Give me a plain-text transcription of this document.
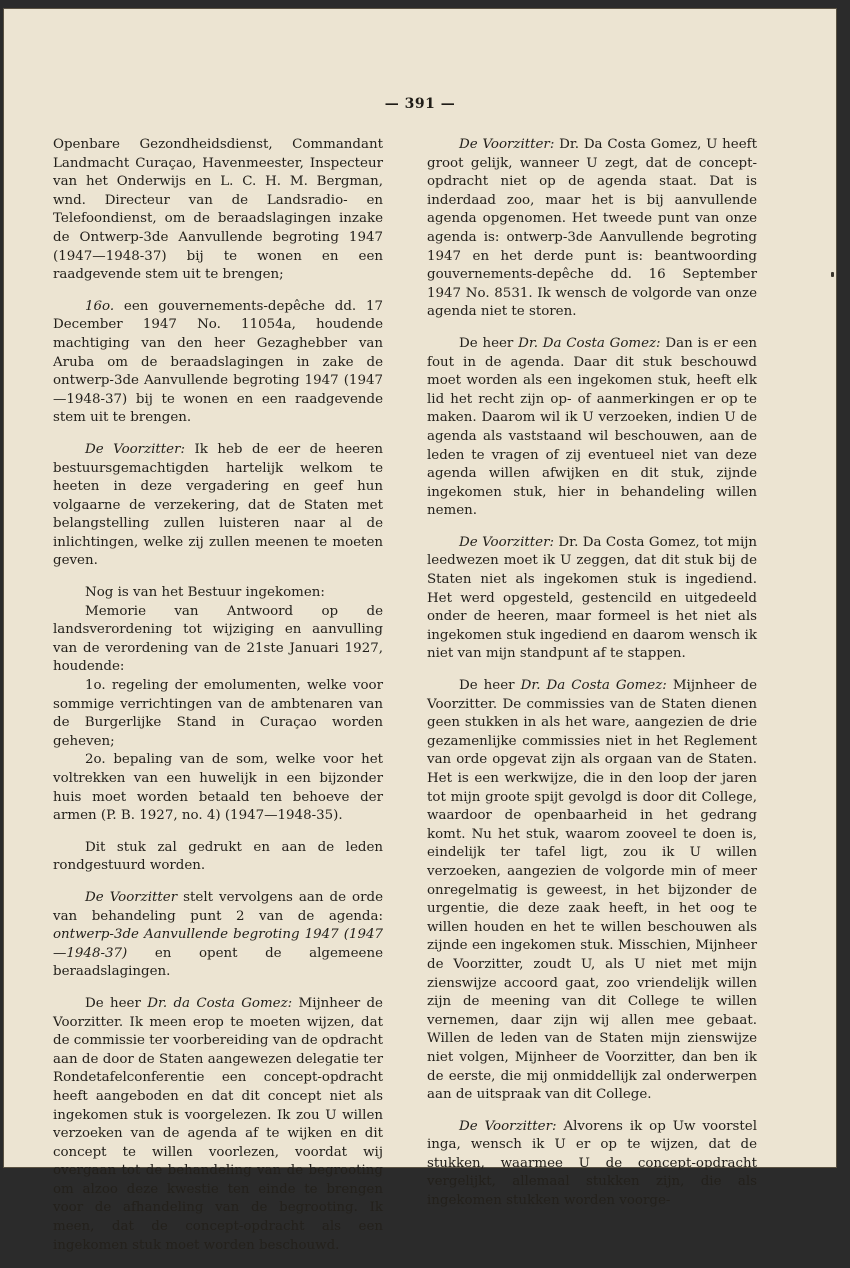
— 391 —

Openbare Gezondheidsdienst, Commandant Landmacht Curaçao, Havenmeester, Inspecteur van het Onderwijs en L. C. H. M. Bergman, wnd. Directeur van de Landsradio- en Telefoondienst, om de beraadslagingen inzake de Ontwerp-3de Aanvullende begroting 1947 (1947—1948-37) bij te wonen en een raadgevende stem uit te brengen;

16o. een gouvernements-depêche dd. 17 December 1947 No. 11054a, houdende machtiging van den heer Gezaghebber van Aruba om de beraadslagingen in zake de ontwerp-3de Aanvullende begroting 1947 (1947—1948-37) bij te wonen en een raadgevende stem uit te brengen.

De Voorzitter: Ik heb de eer de heeren bestuursgemachtigden hartelijk welkom te heeten in deze vergadering en geef hun volgaarne de verzekering, dat de Staten met belangstelling zullen luisteren naar al de inlichtingen, welke zij zullen meenen te moeten geven.

Nog is van het Bestuur ingekomen:

Memorie van Antwoord op de landsverordening tot wijziging en aanvulling van de verordening van de 21ste Januari 1927, houdende:

1o. regeling der emolumenten, welke voor sommige verrichtingen van de ambtenaren van de Burgerlijke Stand in Curaçao worden geheven;

2o. bepaling van de som, welke voor het voltrekken van een huwelijk in een bijzonder huis moet worden betaald ten behoeve der armen (P. B. 1927, no. 4) (1947—1948-35).

Dit stuk zal gedrukt en aan de leden rondgestuurd worden.

De Voorzitter stelt vervolgens aan de orde van behandeling punt 2 van de agenda: ontwerp-3de Aanvullende begroting 1947 (1947—1948-37) en opent de algemeene beraadslagingen.

De heer Dr. da Costa Gomez: Mijnheer de Voorzitter. Ik meen erop te moeten wijzen, dat de commissie ter voorbereiding van de opdracht aan de door de Staten aangewezen delegatie ter Rondetafelconferentie een concept-opdracht heeft aangeboden en dat dit concept niet als ingekomen stuk is voorgelezen. Ik zou U willen verzoeken van de agenda af te wijken en dit concept te willen voorlezen, voordat wij overgaan tot de behandeling van de begrooting om alzoo deze kwestie ten einde te brengen voor de afhandeling van de begrooting. Ik meen, dat de concept-opdracht als een ingekomen stuk moet worden beschouwd.

De Voorzitter: Dr. Da Costa Gomez, U heeft groot gelijk, wanneer U zegt, dat de concept-opdracht niet op de agenda staat. Dat is inderdaad zoo, maar het is bij aanvullende agenda opgenomen. Het tweede punt van onze agenda is: ontwerp-3de Aanvullende begroting 1947 en het derde punt is: beantwoording gouvernements-depêche dd. 16 September 1947 No. 8531. Ik wensch de volgorde van onze agenda niet te storen.

De heer Dr. Da Costa Gomez: Dan is er een fout in de agenda. Daar dit stuk beschouwd moet worden als een ingekomen stuk, heeft elk lid het recht zijn op- of aanmerkingen er op te maken. Daarom wil ik U verzoeken, indien U de agenda als vaststaand wil beschouwen, aan de leden te vragen of zij eventueel niet van deze agenda willen afwijken en dit stuk, zijnde ingekomen stuk, hier in behandeling willen nemen.

De Voorzitter: Dr. Da Costa Gomez, tot mijn leedwezen moet ik U zeggen, dat dit stuk bij de Staten niet als ingekomen stuk is ingediend. Het werd opgesteld, gestencild en uitgedeeld onder de heeren, maar formeel is het niet als ingekomen stuk ingediend en daarom wensch ik niet van mijn standpunt af te stappen.

De heer Dr. Da Costa Gomez: Mijnheer de Voorzitter. De commissies van de Staten dienen geen stukken in als het ware, aangezien de drie gezamenlijke commissies niet in het Reglement van orde opgevat zijn als orgaan van de Staten. Het is een werkwijze, die in den loop der jaren tot mijn groote spijt gevolgd is door dit College, waardoor de openbaarheid in het gedrang komt. Nu het stuk, waarom zooveel te doen is, eindelijk ter tafel ligt, zou ik U willen verzoeken, aangezien de volgorde min of meer onregelmatig is geweest, in het bijzonder de urgentie, die deze zaak heeft, in het oog te willen houden en het te willen beschouwen als zijnde een ingekomen stuk. Misschien, Mijnheer de Voorzitter, zoudt U, als U niet met mijn zienswijze accoord gaat, zoo vriendelijk willen zijn de meening van dit College te willen vernemen, daar zijn wij allen mee gebaat. Willen de leden van de Staten mijn zienswijze niet volgen, Mijnheer de Voorzitter, dan ben ik de eerste, die mij onmiddellijk zal onderwerpen aan de uitspraak van dit College.

De Voorzitter: Alvorens ik op Uw voorstel inga, wensch ik U er op te wijzen, dat de stukken, waarmee U de concept-opdracht vergelijkt, allemaal stukken zijn, die als ingekomen stukken worden voorge-
